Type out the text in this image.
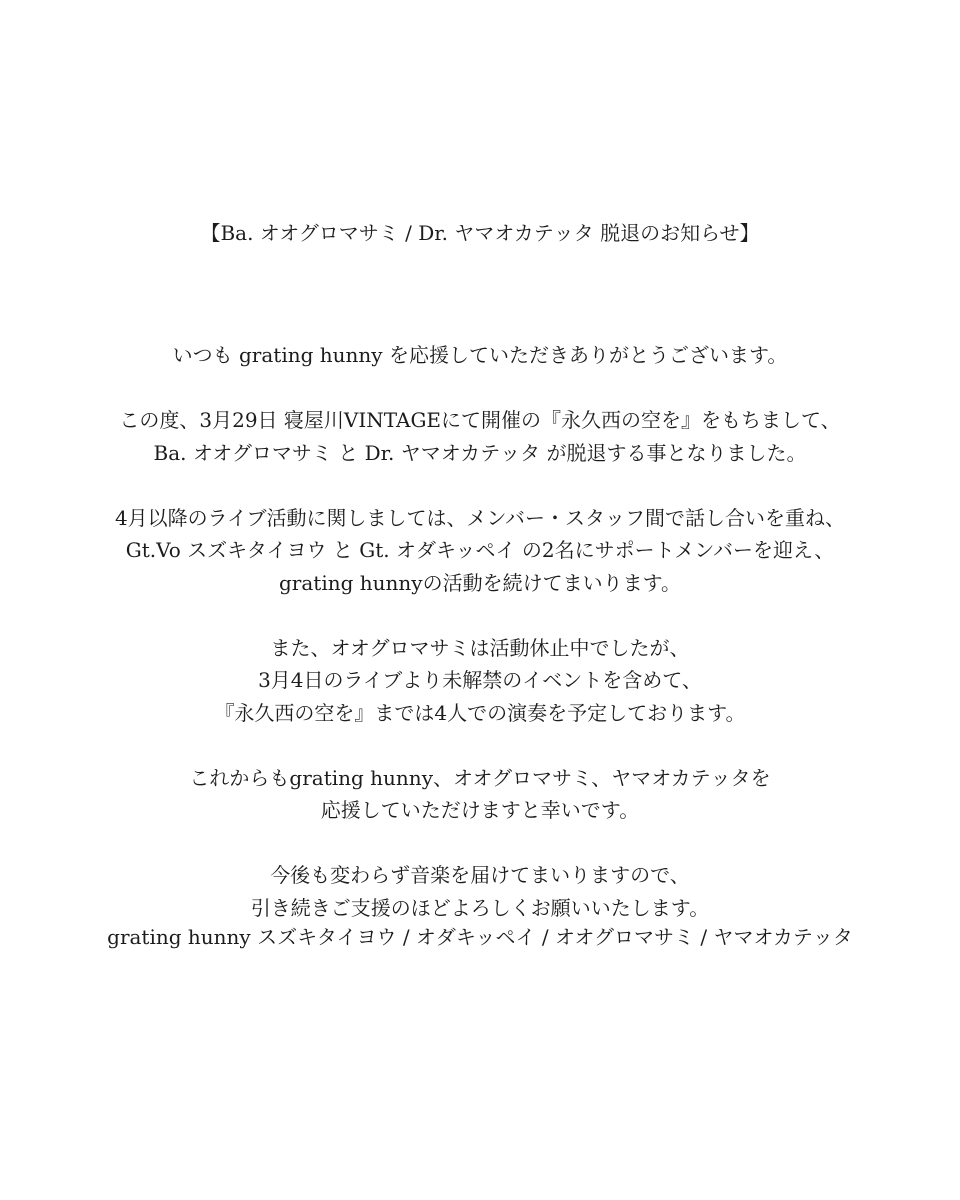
【Ba. オオグロマサミ / Dr. ヤマオカテッタ 脱退のお知らせ】

いつも grating hunny を応援していただきありがとうございます。

この度、3月29日 寝屋川VINTAGEにて開催の『永久西の空を』をもちまして、
Ba. オオグロマサミ と Dr. ヤマオカテッタ が脱退する事となりました。

4月以降のライブ活動に関しましては、メンバー・スタッフ間で話し合いを重ね、
Gt.Vo スズキタイヨウ と Gt. オダキッペイ の2名にサポートメンバーを迎え、
grating hunnyの活動を続けてまいります。

また、オオグロマサミは活動休止中でしたが、
3月4日のライブより未解禁のイベントを含めて、
『永久西の空を』までは4人での演奏を予定しております。

これからもgrating hunny、オオグロマサミ、ヤマオカテッタを
応援していただけますと幸いです。

今後も変わらず音楽を届けてまいりますので、
引き続きご支援のほどよろしくお願いいたします。

grating hunny スズキタイヨウ / オダキッペイ / オオグロマサミ / ヤマオカテッタ
